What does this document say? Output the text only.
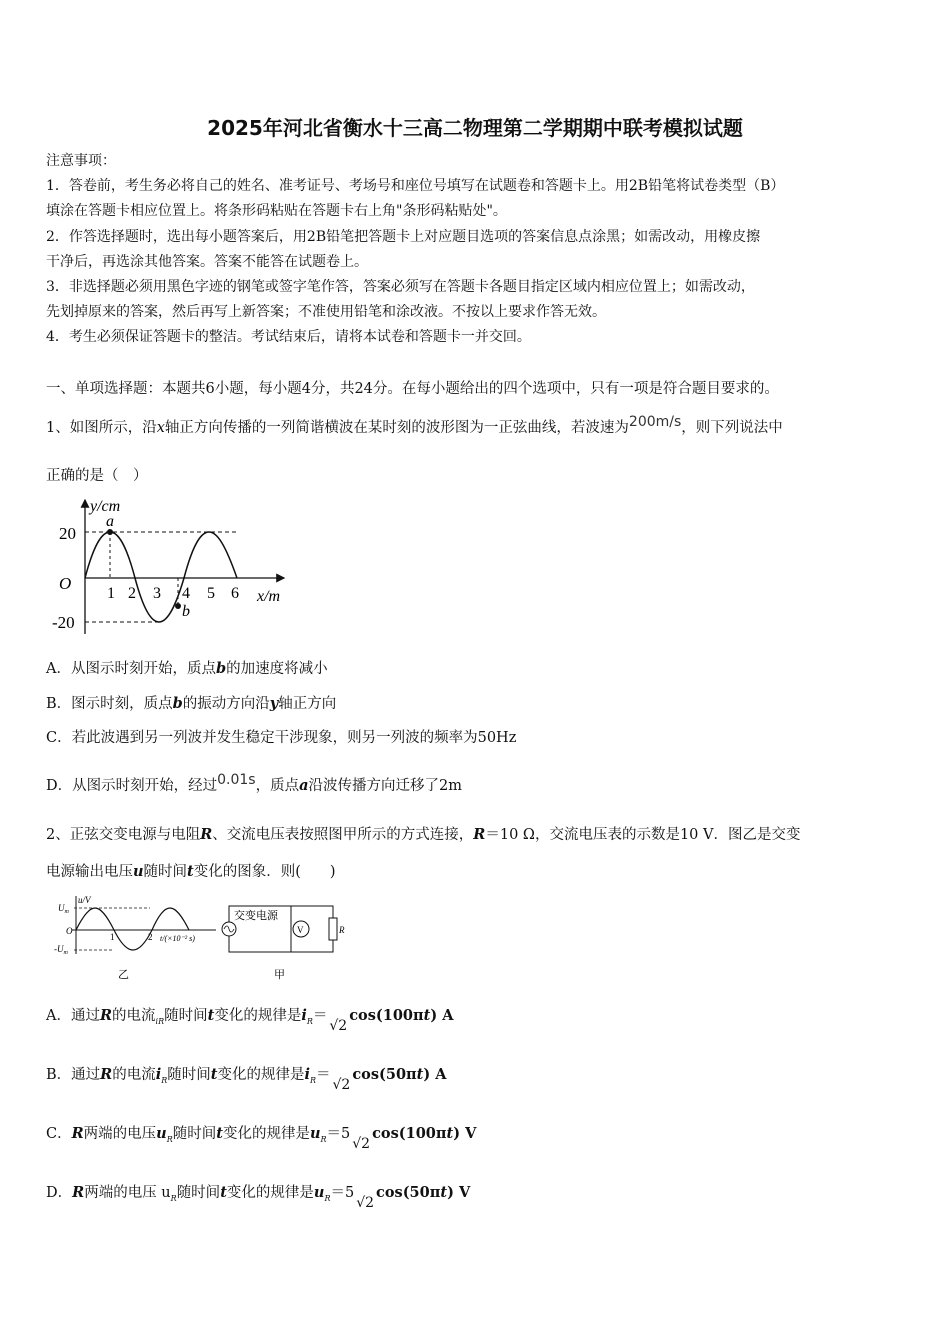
2025年河北省衡水十三高二物理第二学期期中联考模拟试题
注意事项：
1．答卷前，考生务必将自己的姓名、准考证号、考场号和座位号填写在试题卷和答题卡上。用2B铅笔将试卷类型（B）
填涂在答题卡相应位置上。将条形码粘贴在答题卡右上角"条形码粘贴处"。
2．作答选择题时，选出每小题答案后，用2B铅笔把答题卡上对应题目选项的答案信息点涂黑；如需改动，用橡皮擦
干净后，再选涂其他答案。答案不能答在试题卷上。
3．非选择题必须用黑色字迹的钢笔或签字笔作答，答案必须写在答题卡各题目指定区域内相应位置上；如需改动，
先划掉原来的答案，然后再写上新答案；不准使用铅笔和涂改液。不按以上要求作答无效。
4．考生必须保证答题卡的整洁。考试结束后，请将本试卷和答题卡一并交回。
一、单项选择题：本题共6小题，每小题4分，共24分。在每小题给出的四个选项中，只有一项是符合题目要求的。
1、如图所示，沿x轴正方向传播的一列简谐横波在某时刻的波形图为一正弦曲线，若波速为200m/s，则下列说法中
正确的是（　）
y/cm
a
b
20
O
-20
1 2 3 4 5 6 x/m
A．从图示时刻开始，质点b的加速度将减小
B．图示时刻，质点b的振动方向沿y轴正方向
C．若此波遇到另一列波并发生稳定干涉现象，则另一列波的频率为50Hz
D．从图示时刻开始，经过0.01s，质点a沿波传播方向迁移了2m
2、正弦交变电源与电阻R、交流电压表按照图甲所示的方式连接，R＝10 Ω，交流电压表的示数是10 V．图乙是交变
电源输出电压u随时间t变化的图象．则(　　)
$U_m$
u/V
O
$-U_m$
1	2 t/(×10⁻² s)
乙
V	R
交变电源
甲
A．通过R的电流$_{iR}$随时间t变化的规律是$i_R=√2\cos(100\pi t)$ A
B．通过R的电流$i_R$随时间t变化的规律是$i_R=√2\cos(50\pi t)$ A
C．R两端的电压$u_R$随时间t变化的规律是$u_R=5√2\cos(100\pi t)$ V
D．R两端的电压 $u_R$随时间t变化的规律是$u_R=5√2\cos(50\pi t)$ V
